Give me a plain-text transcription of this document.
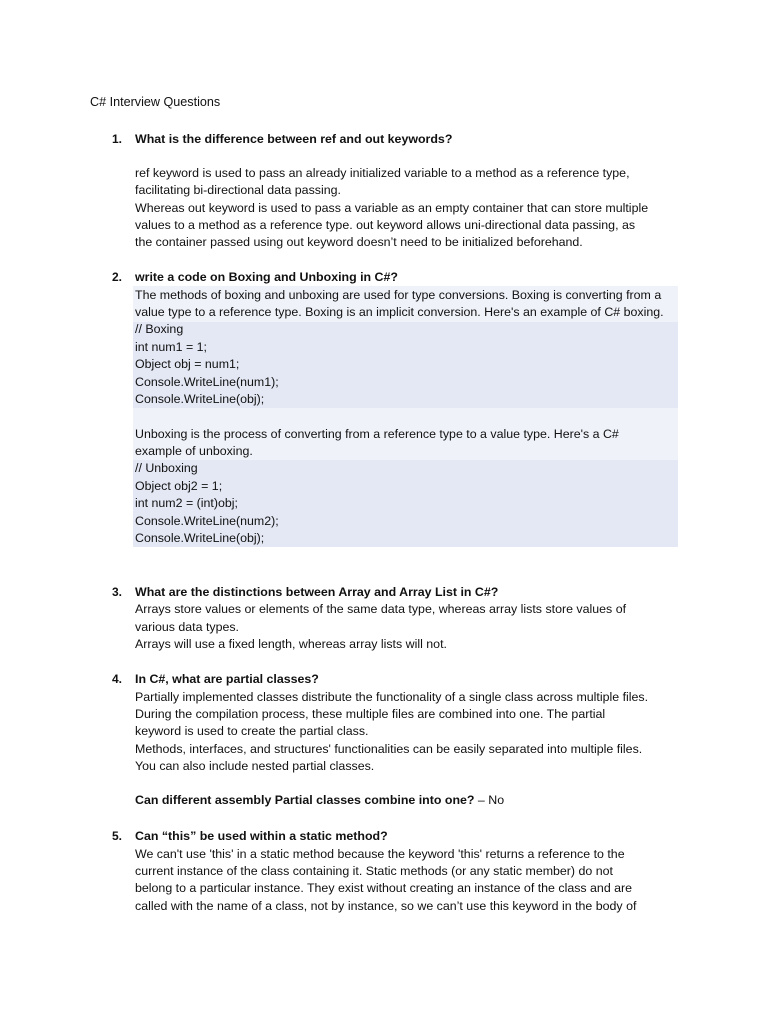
C# Interview Questions
1. What is the difference between ref and out keywords?
ref keyword is used to pass an already initialized variable to a method as a reference type,
facilitating bi-directional data passing.
Whereas out keyword is used to pass a variable as an empty container that can store multiple
values to a method as a reference type. out keyword allows uni-directional data passing, as
the container passed using out keyword doesn’t need to be initialized beforehand.
2. write a code on Boxing and Unboxing in C#?
The methods of boxing and unboxing are used for type conversions. Boxing is converting from a
value type to a reference type. Boxing is an implicit conversion. Here's an example of C# boxing.
// Boxing
int num1 = 1;
Object obj = num1;
Console.WriteLine(num1);
Console.WriteLine(obj);
Unboxing is the process of converting from a reference type to a value type. Here's a C#
example of unboxing.
// Unboxing
Object obj2 = 1;
int num2 = (int)obj;
Console.WriteLine(num2);
Console.WriteLine(obj);
3. What are the distinctions between Array and Array List in C#?
Arrays store values or elements of the same data type, whereas array lists store values of
various data types.
Arrays will use a fixed length, whereas array lists will not.
4. In C#, what are partial classes?
Partially implemented classes distribute the functionality of a single class across multiple files.
During the compilation process, these multiple files are combined into one. The partial
keyword is used to create the partial class.
Methods, interfaces, and structures' functionalities can be easily separated into multiple files.
You can also include nested partial classes.
Can different assembly Partial classes combine into one? – No
5. Can “this” be used within a static method?
We can't use 'this' in a static method because the keyword 'this' returns a reference to the
current instance of the class containing it. Static methods (or any static member) do not
belong to a particular instance. They exist without creating an instance of the class and are
called with the name of a class, not by instance, so we can’t use this keyword in the body of
